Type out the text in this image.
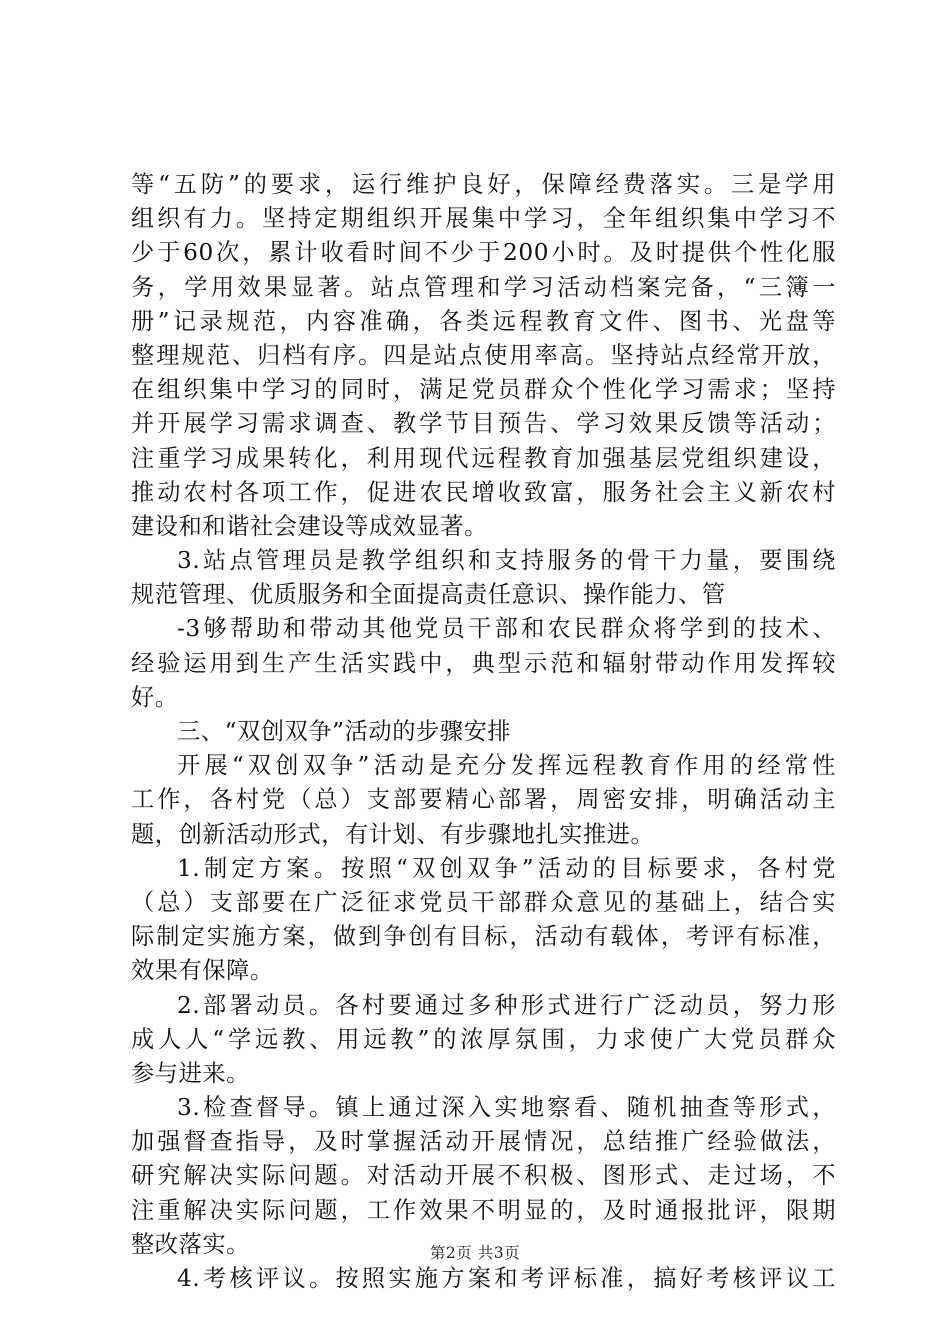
等“五防”的要求，运行维护良好，保障经费落实。三是学用
组织有力。坚持定期组织开展集中学习，全年组织集中学习不
少于60次，累计收看时间不少于200小时。及时提供个性化服
务，学用效果显著。站点管理和学习活动档案完备，“三簿一
册”记录规范，内容准确，各类远程教育文件、图书、光盘等
整理规范、归档有序。四是站点使用率高。坚持站点经常开放，
在组织集中学习的同时，满足党员群众个性化学习需求；坚持
并开展学习需求调查、教学节目预告、学习效果反馈等活动；
注重学习成果转化，利用现代远程教育加强基层党组织建设，
推动农村各项工作，促进农民增收致富，服务社会主义新农村
建设和和谐社会建设等成效显著。
3.站点管理员是教学组织和支持服务的骨干力量，要围绕
规范管理、优质服务和全面提高责任意识、操作能力、管
-3够帮助和带动其他党员干部和农民群众将学到的技术、
经验运用到生产生活实践中，典型示范和辐射带动作用发挥较
好。
三、“双创双争”活动的步骤安排
开展“双创双争”活动是充分发挥远程教育作用的经常性
工作，各村党（总）支部要精心部署，周密安排，明确活动主
题，创新活动形式，有计划、有步骤地扎实推进。
1.制定方案。按照“双创双争”活动的目标要求，各村党
（总）支部要在广泛征求党员干部群众意见的基础上，结合实
际制定实施方案，做到争创有目标，活动有载体，考评有标准，
效果有保障。
2.部署动员。各村要通过多种形式进行广泛动员，努力形
成人人“学远教、用远教”的浓厚氛围，力求使广大党员群众
参与进来。
3.检查督导。镇上通过深入实地察看、随机抽查等形式，
加强督查指导，及时掌握活动开展情况，总结推广经验做法，
研究解决实际问题。对活动开展不积极、图形式、走过场，不
注重解决实际问题，工作效果不明显的，及时通报批评，限期
整改落实。
4.考核评议。按照实施方案和考评标准，搞好考核评议工
第2页 共3页
